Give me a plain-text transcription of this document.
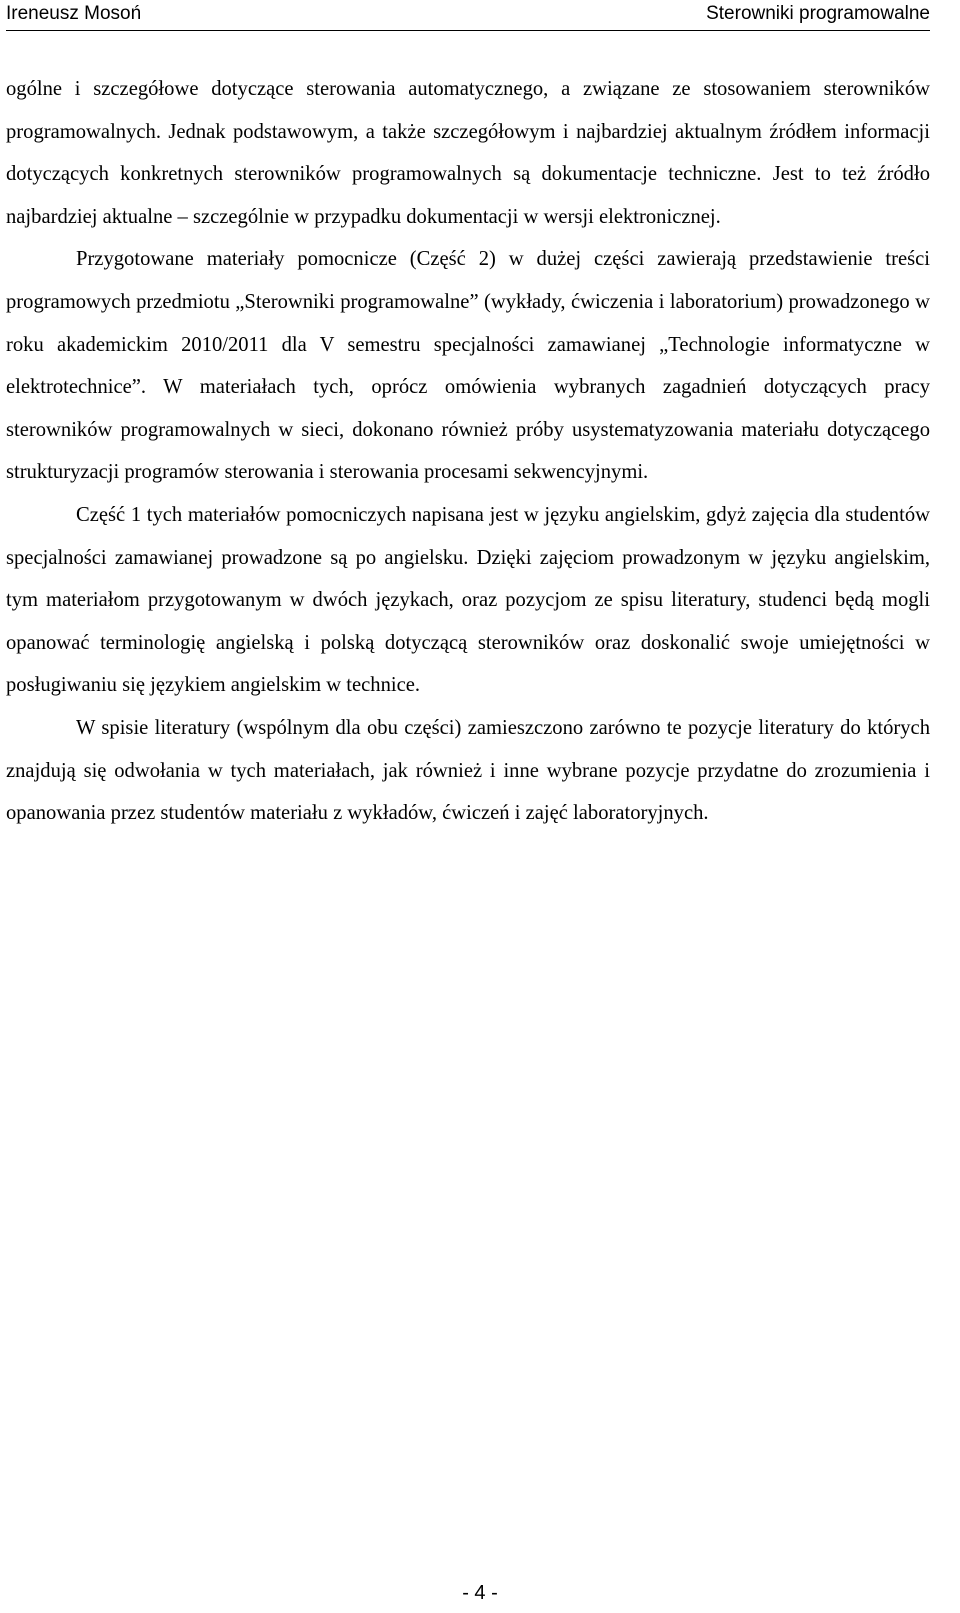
Ireneusz Mosoń	Sterowniki programowalne

ogólne i szczegółowe dotyczące sterowania automatycznego, a związane ze stosowaniem sterowników programowalnych. Jednak podstawowym, a także szczegółowym i najbardziej aktualnym źródłem informacji dotyczących konkretnych sterowników programowalnych są dokumentacje techniczne. Jest to też źródło najbardziej aktualne – szczególnie w przypadku dokumentacji w wersji elektronicznej.

Przygotowane materiały pomocnicze (Część 2) w dużej części zawierają przedstawienie treści programowych przedmiotu „Sterowniki programowalne” (wykłady, ćwiczenia i laboratorium) prowadzonego w roku akademickim 2010/2011 dla V semestru specjalności zamawianej „Technologie informatyczne w elektrotechnice”. W materiałach tych, oprócz omówienia wybranych zagadnień dotyczących pracy sterowników programowalnych w sieci, dokonano również próby usystematyzowania materiału dotyczącego strukturyzacji programów sterowania i sterowania procesami sekwencyjnymi.

Część 1 tych materiałów pomocniczych napisana jest w języku angielskim, gdyż zajęcia dla studentów specjalności zamawianej prowadzone są po angielsku. Dzięki zajęciom prowadzonym w języku angielskim, tym materiałom przygotowanym w dwóch językach, oraz pozycjom ze spisu literatury, studenci będą mogli opanować terminologię angielską i polską dotyczącą sterowników oraz doskonalić swoje umiejętności w posługiwaniu się językiem angielskim w technice.

W spisie literatury (wspólnym dla obu części) zamieszczono zarówno te pozycje literatury do których znajdują się odwołania w tych materiałach, jak również i inne wybrane pozycje przydatne do zrozumienia i opanowania przez studentów materiału z wykładów, ćwiczeń i zajęć laboratoryjnych.

- 4 -
